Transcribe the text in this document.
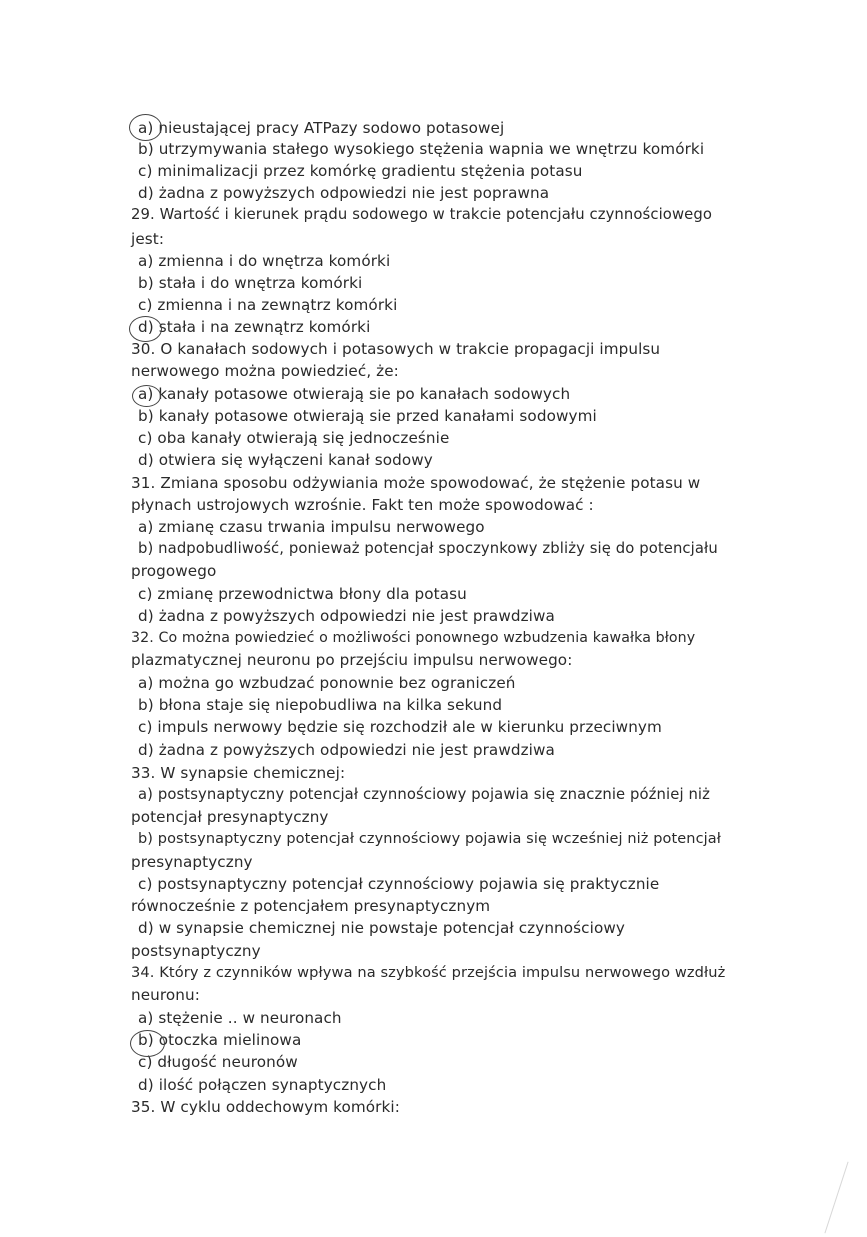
a) nieustającej pracy ATPazy sodowo potasowej
b) utrzymywania stałego wysokiego stężenia wapnia we wnętrzu komórki
c) minimalizacji przez komórkę gradientu stężenia potasu
d) żadna z powyższych odpowiedzi nie jest poprawna
29. Wartość i kierunek prądu sodowego w trakcie potencjału czynnościowego
jest:
a) zmienna i do wnętrza komórki
b) stała i do wnętrza komórki
c) zmienna i na zewnątrz komórki
d) stała i na zewnątrz komórki
30. O kanałach sodowych i potasowych w trakcie propagacji impulsu
nerwowego można powiedzieć, że:
a) kanały potasowe otwierają sie po kanałach sodowych
b) kanały potasowe otwierają sie przed kanałami sodowymi
c) oba kanały otwierają się jednocześnie
d) otwiera się wyłączeni kanał sodowy
31. Zmiana sposobu odżywiania może spowodować, że stężenie potasu w
płynach ustrojowych wzrośnie. Fakt ten może spowodować :
a) zmianę czasu trwania impulsu nerwowego
b) nadpobudliwość, ponieważ potencjał spoczynkowy zbliży się do potencjału
progowego
c) zmianę przewodnictwa błony dla potasu
d) żadna z powyższych odpowiedzi nie jest prawdziwa
32. Co można powiedzieć o możliwości ponownego wzbudzenia kawałka błony
plazmatycznej neuronu po przejściu impulsu nerwowego:
a) można go wzbudzać ponownie bez ograniczeń
b) błona staje się niepobudliwa na kilka sekund
c) impuls nerwowy będzie się rozchodził ale w kierunku przeciwnym
d) żadna z powyższych odpowiedzi nie jest prawdziwa
33. W synapsie chemicznej:
a) postsynaptyczny potencjał czynnościowy pojawia się znacznie później niż
potencjał presynaptyczny
b) postsynaptyczny potencjał czynnościowy pojawia się wcześniej niż potencjał
presynaptyczny
c) postsynaptyczny potencjał czynnościowy pojawia się praktycznie
równocześnie z potencjałem presynaptycznym
d) w synapsie chemicznej nie powstaje potencjał czynnościowy
postsynaptyczny
34. Który z czynników wpływa na szybkość przejścia impulsu nerwowego wzdłuż
neuronu:
a) stężenie .. w neuronach
b) otoczka mielinowa
c) długość neuronów
d) ilość połączen synaptycznych
35. W cyklu oddechowym komórki:
